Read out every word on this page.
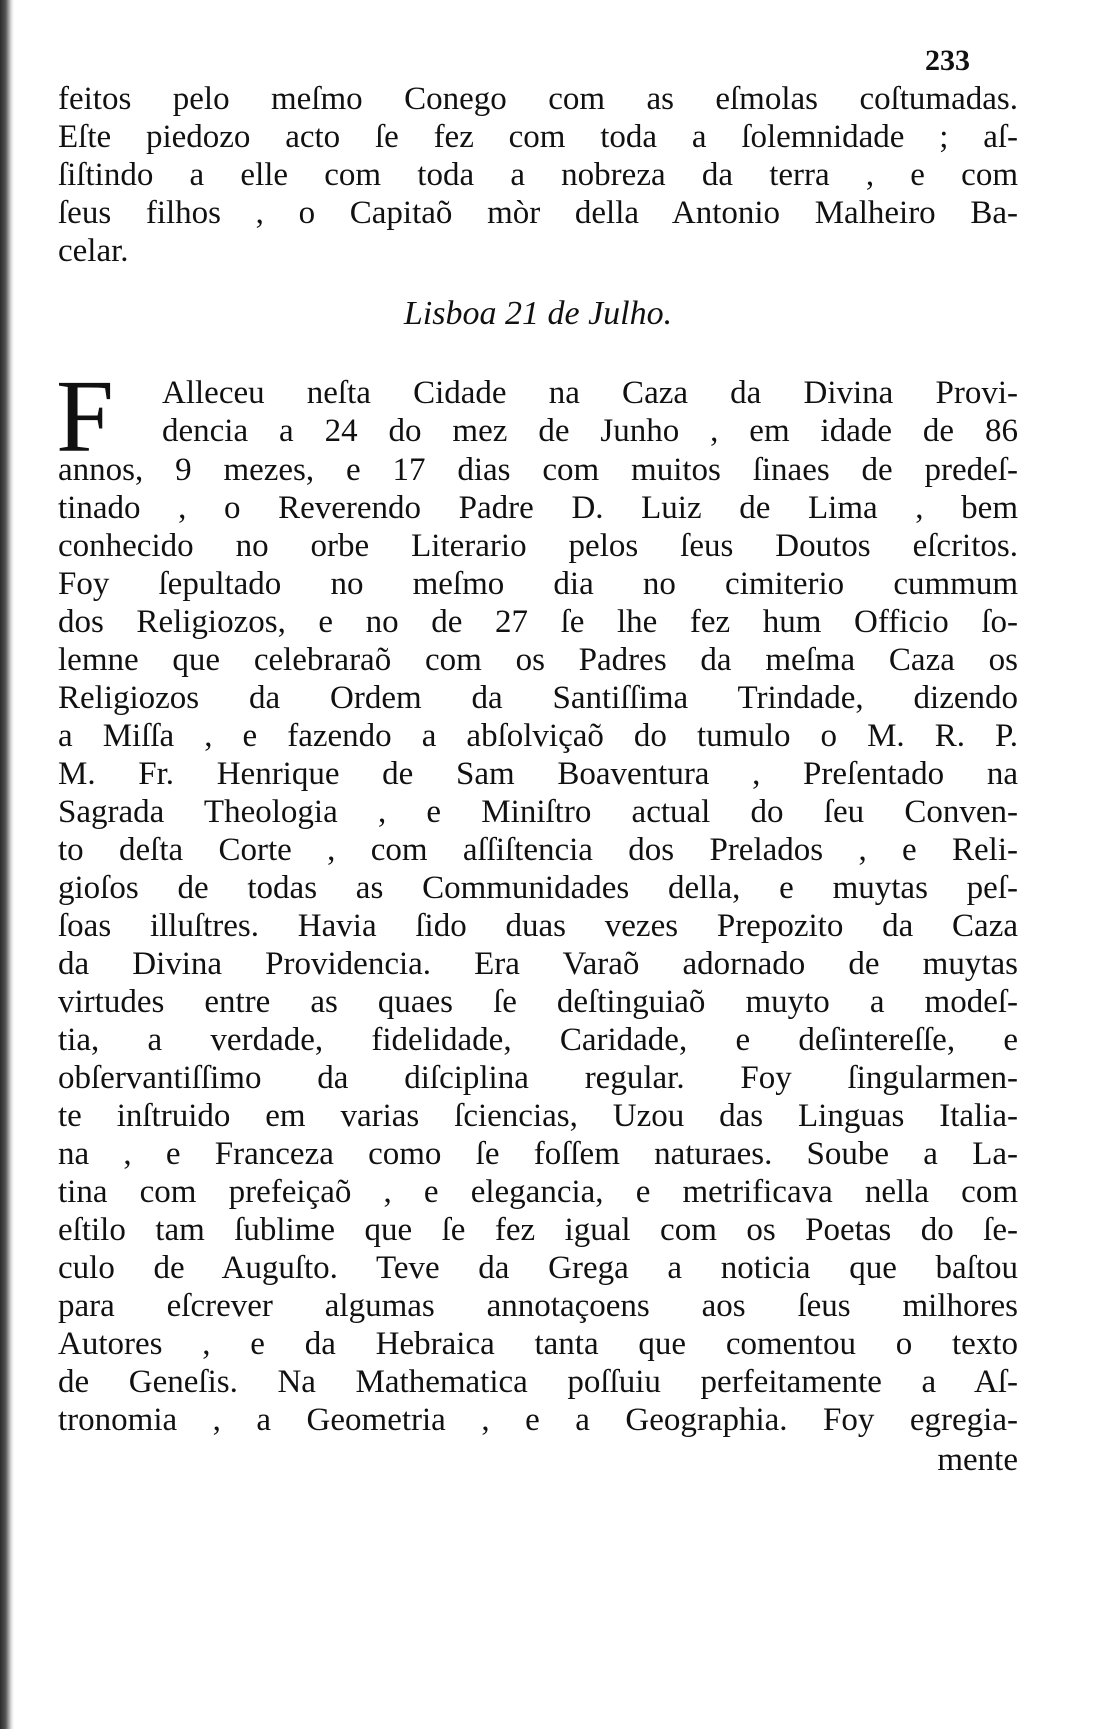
233
feitos pelo meſmo Conego com as eſmolas coſtumadas.
Eſte piedozo acto ſe fez com toda a ſolemnidade ; aſ-
ſiſtindo a elle com toda a nobreza da terra , e com
ſeus filhos , o Capitaõ mòr della Antonio Malheiro Ba-
celar.
Lisboa 21 de Julho.
F	Alleceu neſta Cidade na Caza da Divina Provi-
dencia a 24 do mez de Junho , em idade de 86
annos, 9 mezes, e 17 dias com muitos ſinaes de predeſ-
tinado , o Reverendo Padre D. Luiz de Lima , bem
conhecido no orbe Literario pelos ſeus Doutos eſcritos.
Foy ſepultado no meſmo dia no cimiterio cummum
dos Religiozos, e no de 27 ſe lhe fez hum Officio ſo-
lemne que celebraraõ com os Padres da meſma Caza os
Religiozos da Ordem da Santiſſima Trindade, dizendo
a Miſſa , e fazendo a abſolviçaõ do tumulo o M. R. P.
M. Fr. Henrique de Sam Boaventura , Preſentado na
Sagrada Theologia , e Miniſtro actual do ſeu Conven-
to deſta Corte , com aſſiſtencia dos Prelados , e Reli-
gioſos de todas as Communidades della, e muytas peſ-
ſoas illuſtres. Havia ſido duas vezes Prepozito da Caza
da Divina Providencia. Era Varaõ adornado de muytas
virtudes entre as quaes ſe deſtinguiaõ muyto a modeſ-
tia, a verdade, fidelidade, Caridade, e deſintereſſe, e
obſervantiſſimo da diſciplina regular. Foy ſingularmen-
te inſtruido em varias ſciencias, Uzou das Linguas Italia-
na , e Franceza como ſe foſſem naturaes. Soube a La-
tina com prefeiçaõ , e elegancia, e metrificava nella com
eſtilo tam ſublime que ſe fez igual com os Poetas do ſe-
culo de Auguſto. Teve da Grega a noticia que baſtou
para eſcrever algumas annotaçoens aos ſeus milhores
Autores , e da Hebraica tanta que comentou o texto
de Geneſis. Na Mathematica poſſuiu perfeitamente a Aſ-
tronomia , a Geometria , e a Geographia. Foy egregia-
mente
